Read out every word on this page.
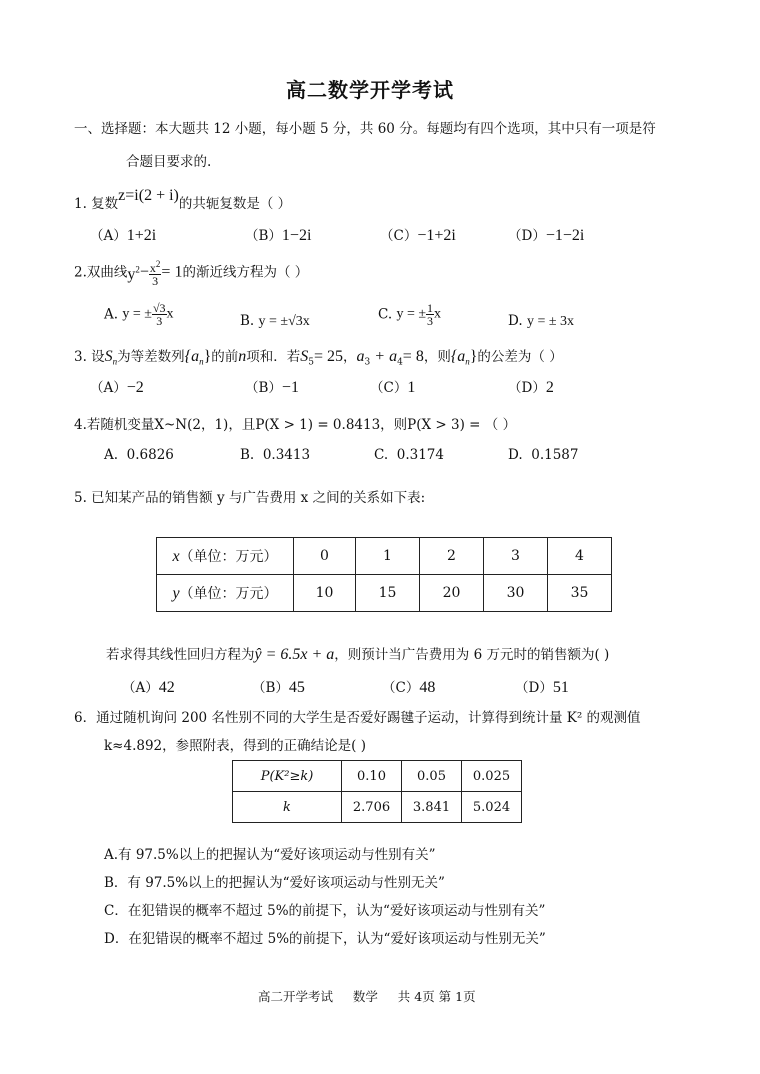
高二数学开学考试
一、选择题：本大题共 12 小题，每小题 5 分，共 60 分。每题均有四个选项，其中只有一项是符
合题目要求的.
1. 复数z=i(2 + i)的共轭复数是（ ）
（A）1+2i	（B）1−2i	（C）−1+2i	（D）−1−2i
2.双曲线$y^2- \frac{x^2}{3} = 1$的渐近线方程为（ ）
A. y = ± $\frac{√3}{3}$ x	B. y = ±√3x	C. y = ± $\frac{1}{3}$ x	D. y = ± 3x
3. 设$S_n$为等差数列$\{a_n\}$的前n项和．若$S_5= 25$，$a_3 + a_4= 8$，则$\{a_n\}$的公差为（ ）
（A）−2	（B）−1	（C）1	（D）2
4.若随机变量X~N(2，1)，且P(X > 1) = 0.8413，则P(X > 3) = （ ）
A. 0.6826	B. 0.3413	C. 0.3174	D. 0.1587
5. 已知某产品的销售额 y 与广告费用 x 之间的关系如下表:
x（单位：万元）	0	1	2	3	4
y（单位：万元）	10	15	20	30	35
若求得其线性回归方程为ŷ = 6.5x + a，则预计当广告费用为 6 万元时的销售额为( )
（A）42	（B）45	（C）48	（D）51
6．通过随机询问 200 名性别不同的大学生是否爱好踢毽子运动，计算得到统计量 K² 的观测值
k≈4.892，参照附表，得到的正确结论是( )
P(K²≥k)	0.10	0.05	0.025
k	2.706	3.841	5.024
A.有 97.5%以上的把握认为“爱好该项运动与性别有关”
B．有 97.5%以上的把握认为“爱好该项运动与性别无关”
C．在犯错误的概率不超过 5%的前提下，认为“爱好该项运动与性别有关”
D．在犯错误的概率不超过 5%的前提下，认为“爱好该项运动与性别无关”
高二开学考试 数学 共 4页 第 1页
